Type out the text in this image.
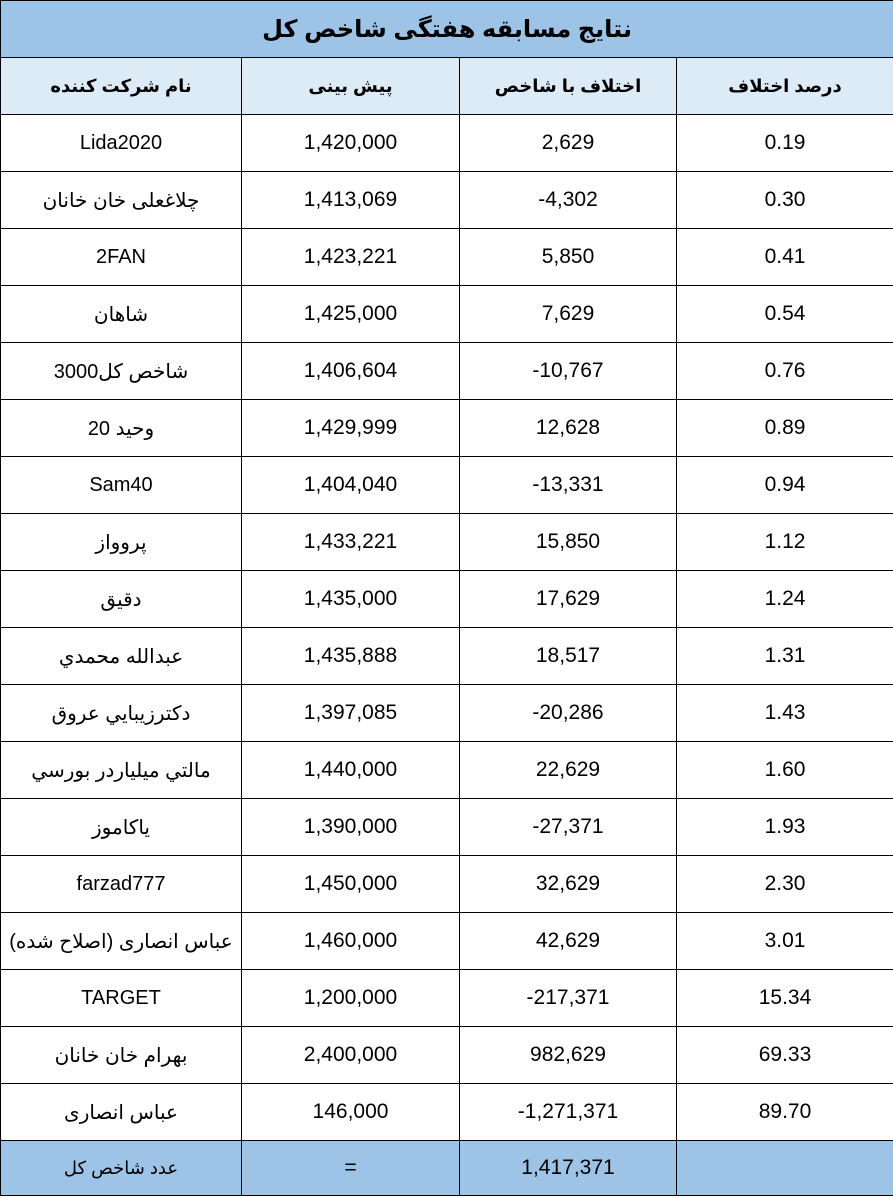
نتایج مسابقه هفتگی شاخص کل			
نام شرکت کننده	پیش بینی	اختلاف با شاخص	درصد اختلاف
Lida2020	1,420,000	2,629	0.19
چلاغعلی خان خانان	1,413,069	-4,302	0.30
2FAN	1,423,221	5,850	0.41
شاهان	1,425,000	7,629	0.54
شاخص کل3000	1,406,604	-10,767	0.76
وحید 20	1,429,999	12,628	0.89
Sam40	1,404,040	-13,331	0.94
پرووﺍﺯ	1,433,221	15,850	1.12
دقیق	1,435,000	17,629	1.24
عبدالله محمدي	1,435,888	18,517	1.31
دکترزیبایي عروق	1,397,085	-20,286	1.43
مالتي میلیاردر بورسي	1,440,000	22,629	1.60
یاکاموز	1,390,000	-27,371	1.93
farzad777	1,450,000	32,629	2.30
عباس انصاری (اصلاح شده)	1,460,000	42,629	3.01
TARGET	1,200,000	-217,371	15.34
بهرام خان خانان	2,400,000	982,629	69.33
عباس انصاری	146,000	-1,271,371	89.70
عدد شاخص کل	=	1,417,371	
